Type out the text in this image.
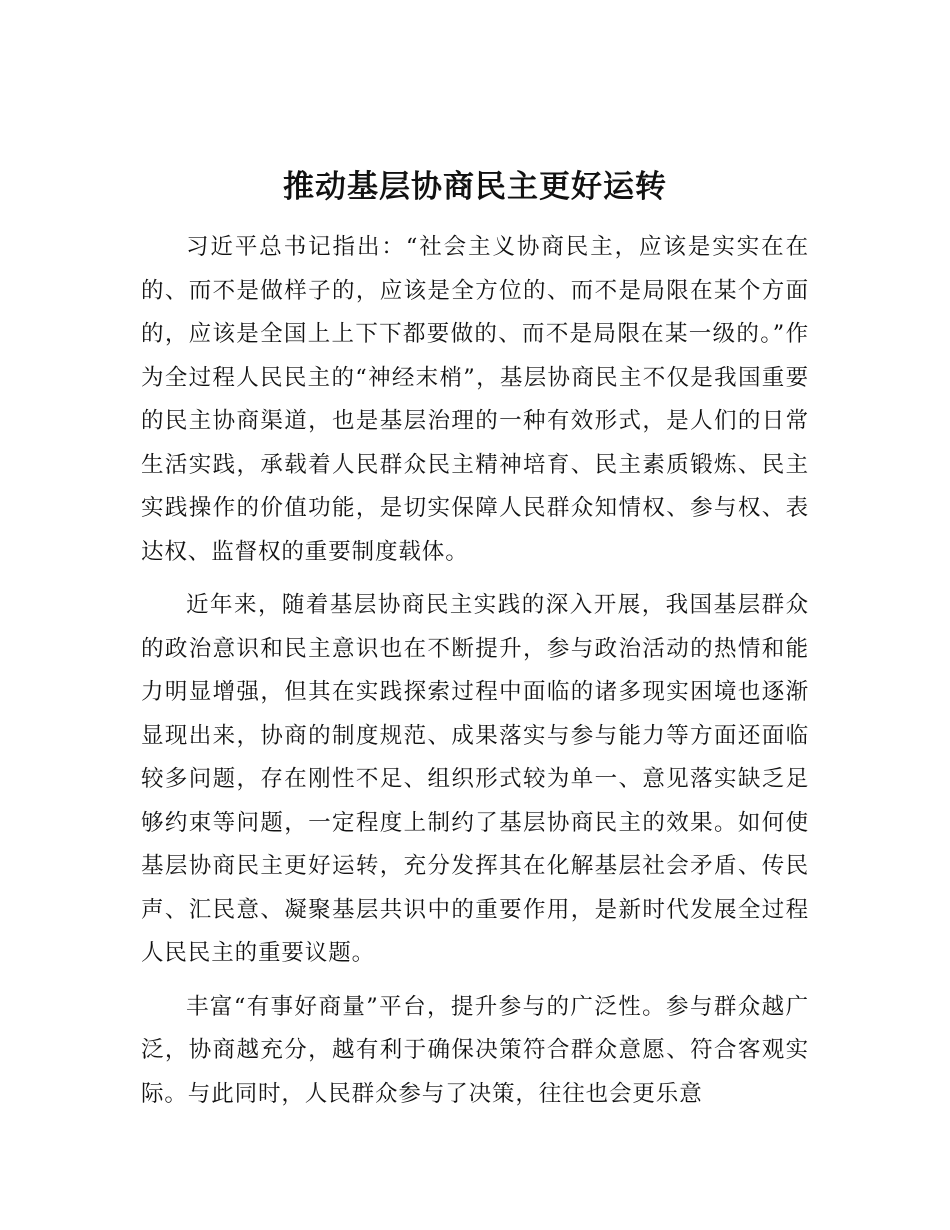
推动基层协商民主更好运转

习近平总书记指出：“社会主义协商民主，应该是实实在在的、而不是做样子的，应该是全方位的、而不是局限在某个方面的，应该是全国上上下下都要做的、而不是局限在某一级的。”作为全过程人民民主的“神经末梢”，基层协商民主不仅是我国重要的民主协商渠道，也是基层治理的一种有效形式，是人们的日常生活实践，承载着人民群众民主精神培育、民主素质锻炼、民主实践操作的价值功能，是切实保障人民群众知情权、参与权、表达权、监督权的重要制度载体。

近年来，随着基层协商民主实践的深入开展，我国基层群众的政治意识和民主意识也在不断提升，参与政治活动的热情和能力明显增强，但其在实践探索过程中面临的诸多现实困境也逐渐显现出来，协商的制度规范、成果落实与参与能力等方面还面临较多问题，存在刚性不足、组织形式较为单一、意见落实缺乏足够约束等问题，一定程度上制约了基层协商民主的效果。如何使基层协商民主更好运转，充分发挥其在化解基层社会矛盾、传民声、汇民意、凝聚基层共识中的重要作用，是新时代发展全过程人民民主的重要议题。

丰富“有事好商量”平台，提升参与的广泛性。参与群众越广泛，协商越充分，越有利于确保决策符合群众意愿、符合客观实际。与此同时，人民群众参与了决策，往往也会更乐意
